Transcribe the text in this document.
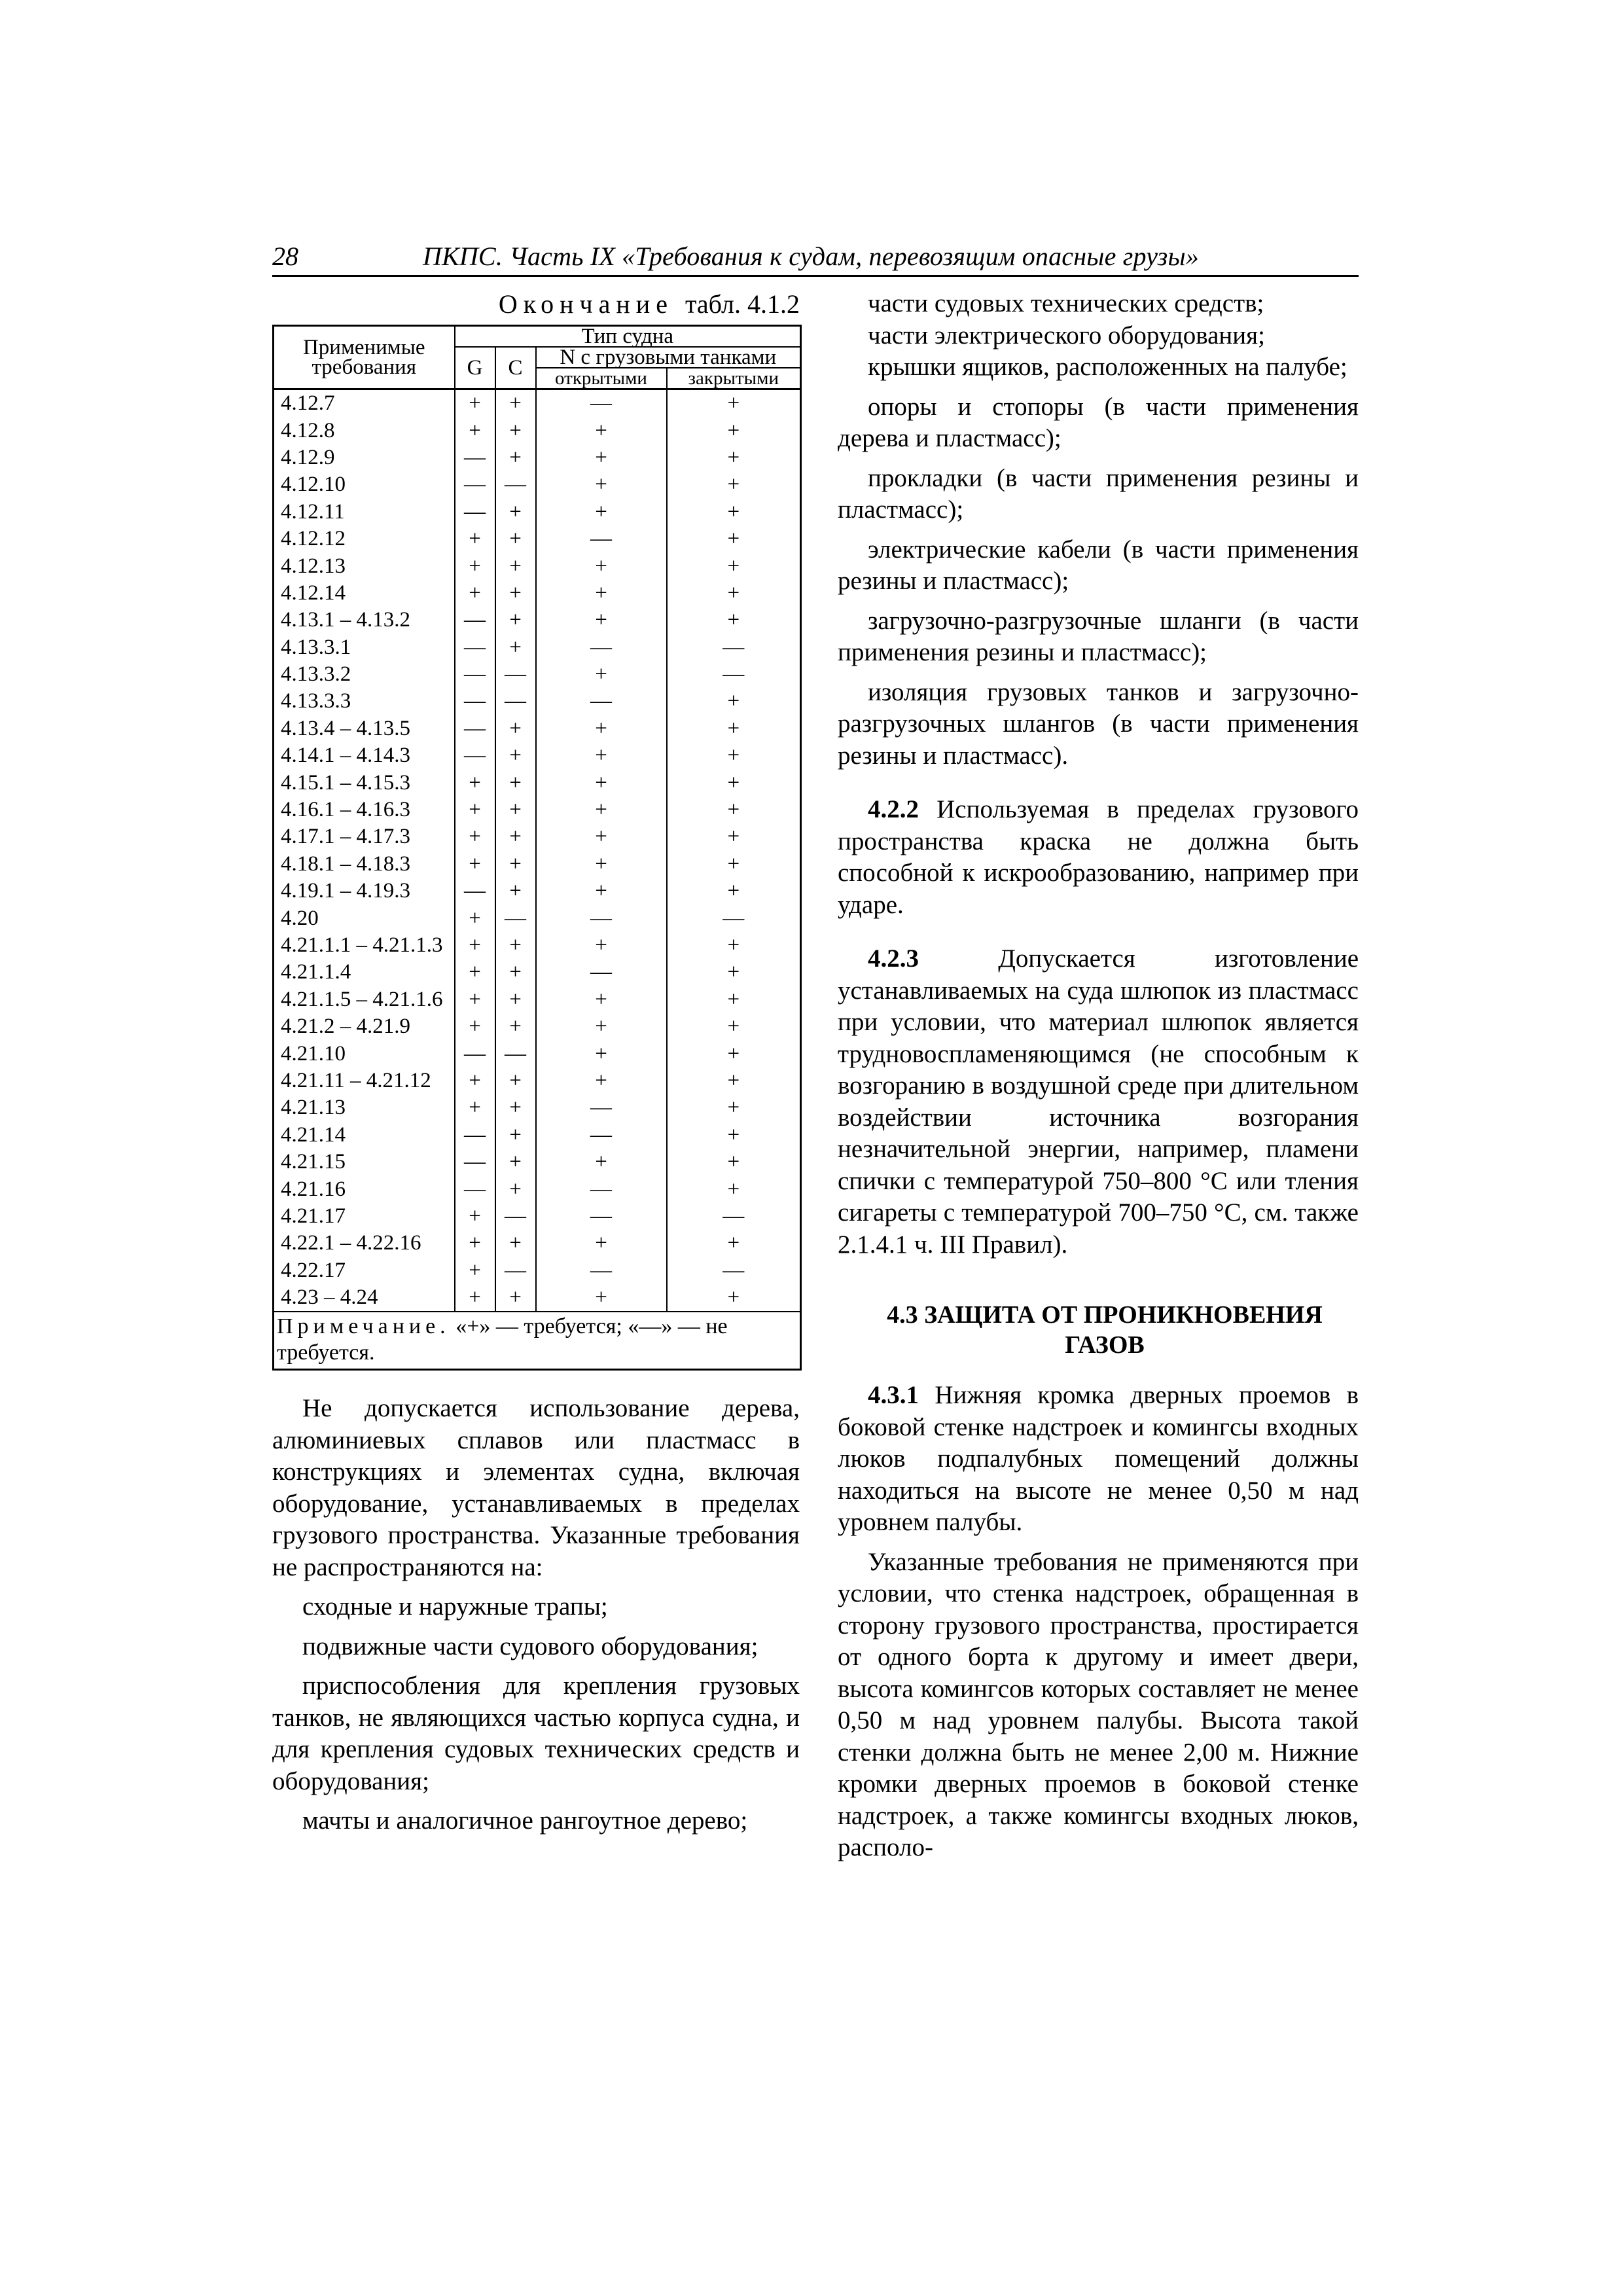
28	ПКПС. Часть IX «Требования к судам, перевозящим опасные грузы»
Окончание табл. 4.1.2
Применимые требования	Тип судна			
	G	C	N с грузовыми танками	
			открытыми	закрытыми
4.12.7	+	+	—	+
4.12.8	+	+	+	+
4.12.9	—	+	+	+
4.12.10	—	—	+	+
4.12.11	—	+	+	+
4.12.12	+	+	—	+
4.12.13	+	+	+	+
4.12.14	+	+	+	+
4.13.1 – 4.13.2	—	+	+	+
4.13.3.1	—	+	—	—
4.13.3.2	—	—	+	—
4.13.3.3	—	—	—	+
4.13.4 – 4.13.5	—	+	+	+
4.14.1 – 4.14.3	—	+	+	+
4.15.1 – 4.15.3	+	+	+	+
4.16.1 – 4.16.3	+	+	+	+
4.17.1 – 4.17.3	+	+	+	+
4.18.1 – 4.18.3	+	+	+	+
4.19.1 – 4.19.3	—	+	+	+
4.20	+	—	—	—
4.21.1.1 – 4.21.1.3	+	+	+	+
4.21.1.4	+	+	—	+
4.21.1.5 – 4.21.1.6	+	+	+	+
4.21.2 – 4.21.9	+	+	+	+
4.21.10	—	—	+	+
4.21.11 – 4.21.12	+	+	+	+
4.21.13	+	+	—	+
4.21.14	—	+	—	+
4.21.15	—	+	+	+
4.21.16	—	+	—	+
4.21.17	+	—	—	—
4.22.1 – 4.22.16	+	+	+	+
4.22.17	+	—	—	—
4.23 – 4.24	+	+	+	+
Примечание. «+» — требуется; «—» — не требуется.				

Не допускается использование дерева, алюминиевых сплавов или пластмасс в конструкциях и элементах судна, включая оборудование, устанавливаемых в пределах грузового пространства. Указанные требования не распространяются на:

сходные и наружные трапы;

подвижные части судового оборудования;

приспособления для крепления грузовых танков, не являющихся частью корпуса судна, и для крепления судовых технических средств и оборудования;

мачты и аналогичное рангоутное дерево;

части судовых технических средств;

части электрического оборудования;

крышки ящиков, расположенных на палубе;

опоры и стопоры (в части применения дерева и пластмасс);

прокладки (в части применения резины и пластмасс);

электрические кабели (в части применения резины и пластмасс);

загрузочно-разгрузочные шланги (в части применения резины и пластмасс);

изоляция грузовых танков и загрузочно-разгрузочных шлангов (в части применения резины и пластмасс).

4.2.2 Используемая в пределах грузового пространства краска не должна быть способной к искрообразованию, например при ударе.

4.2.3	Допускается изготовление устанавливаемых на суда шлюпок из пластмасс при условии, что материал шлюпок является трудновоспламеняющимся (не способным к возгоранию в воздушной среде при длительном воздействии источника возгорания незначительной энергии, например, пламени спички с температурой 750–800 °С или тления сигареты с температурой 700–750 °С, см. также 2.1.4.1 ч. III Правил).

4.3 ЗАЩИТА ОТ ПРОНИКНОВЕНИЯ ГАЗОВ

4.3.1 Нижняя кромка дверных проемов в боковой стенке надстроек и комингсы входных люков подпалубных помещений должны находиться на высоте не менее 0,50 м над уровнем палубы.

Указанные требования не применяются при условии, что стенка надстроек, обращенная в сторону грузового пространства, простирается от одного борта к другому и имеет двери, высота комингсов которых составляет не менее 0,50 м над уровнем палубы. Высота такой стенки должна быть не менее 2,00 м. Нижние кромки дверных проемов в боковой стенке надстроек, а также комингсы входных люков, располо-
